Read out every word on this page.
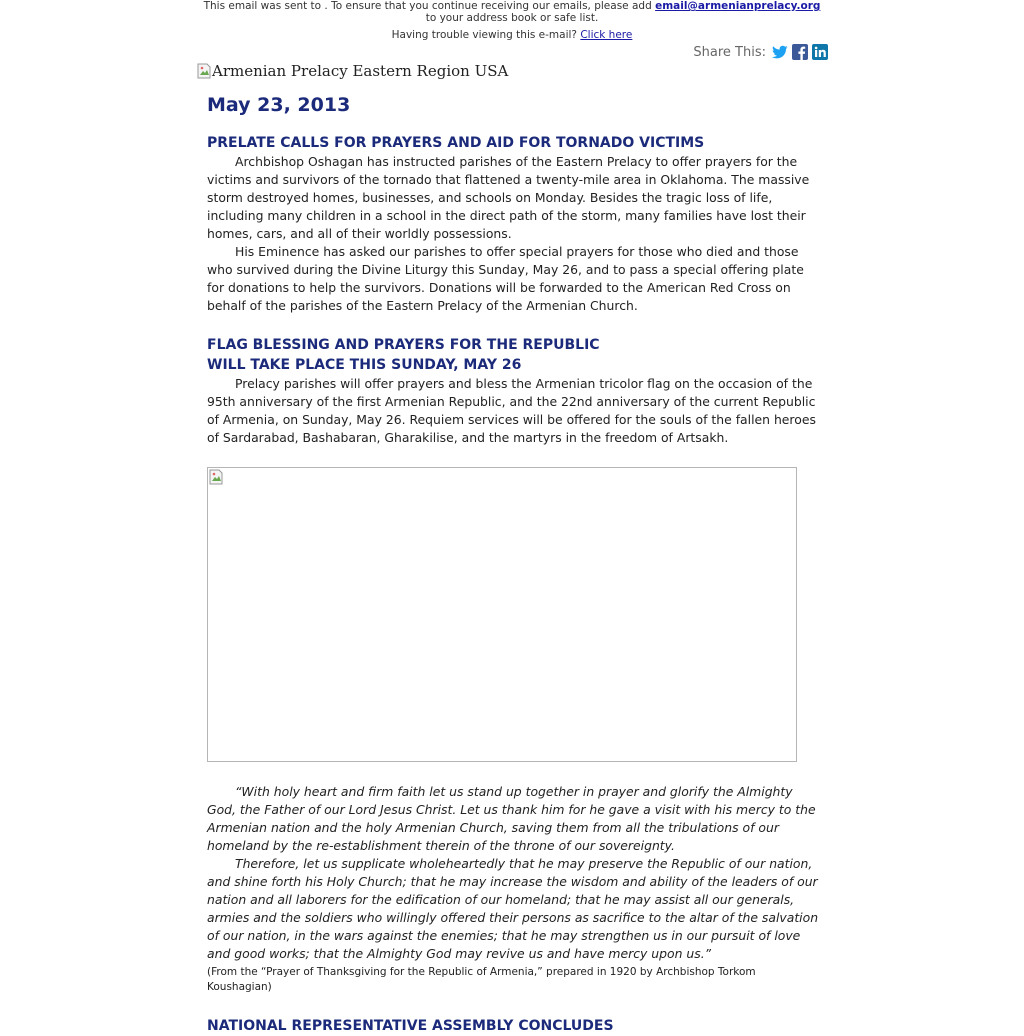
This email was sent to . To ensure that you continue receiving our emails, please add email@armenianprelacy.org to your address book or safe list.
Having trouble viewing this e-mail? Click here
Share This:
Armenian Prelacy Eastern Region USA
May 23, 2013
PRELATE CALLS FOR PRAYERS AND AID FOR TORNADO VICTIMS

Archbishop Oshagan has instructed parishes of the Eastern Prelacy to offer prayers for the victims and survivors of the tornado that flattened a twenty-mile area in Oklahoma. The massive storm destroyed homes, businesses, and schools on Monday. Besides the tragic loss of life, including many children in a school in the direct path of the storm, many families have lost their homes, cars, and all of their worldly possessions.

His Eminence has asked our parishes to offer special prayers for those who died and those who survived during the Divine Liturgy this Sunday, May 26, and to pass a special offering plate for donations to help the survivors. Donations will be forwarded to the American Red Cross on behalf of the parishes of the Eastern Prelacy of the Armenian Church.

FLAG BLESSING AND PRAYERS FOR THE REPUBLIC
WILL TAKE PLACE THIS SUNDAY, MAY 26

Prelacy parishes will offer prayers and bless the Armenian tricolor flag on the occasion of the 95th anniversary of the first Armenian Republic, and the 22nd anniversary of the current Republic of Armenia, on Sunday, May 26. Requiem services will be offered for the souls of the fallen heroes of Sardarabad, Bashabaran, Gharakilise, and the martyrs in the freedom of Artsakh.

“With holy heart and firm faith let us stand up together in prayer and glorify the Almighty God, the Father of our Lord Jesus Christ. Let us thank him for he gave a visit with his mercy to the Armenian nation and the holy Armenian Church, saving them from all the tribulations of our homeland by the re-establishment therein of the throne of our sovereignty.

Therefore, let us supplicate wholeheartedly that he may preserve the Republic of our nation, and shine forth his Holy Church; that he may increase the wisdom and ability of the leaders of our nation and all laborers for the edification of our homeland; that he may assist all our generals, armies and the soldiers who willingly offered their persons as sacrifice to the altar of the salvation of our nation, in the wars against the enemies; that he may strengthen us in our pursuit of love and good works; that the Almighty God may revive us and have mercy upon us.”

(From the “Prayer of Thanksgiving for the Republic of Armenia,” prepared in 1920 by Archbishop Torkom Koushagian)
NATIONAL REPRESENTATIVE ASSEMBLY CONCLUDES
